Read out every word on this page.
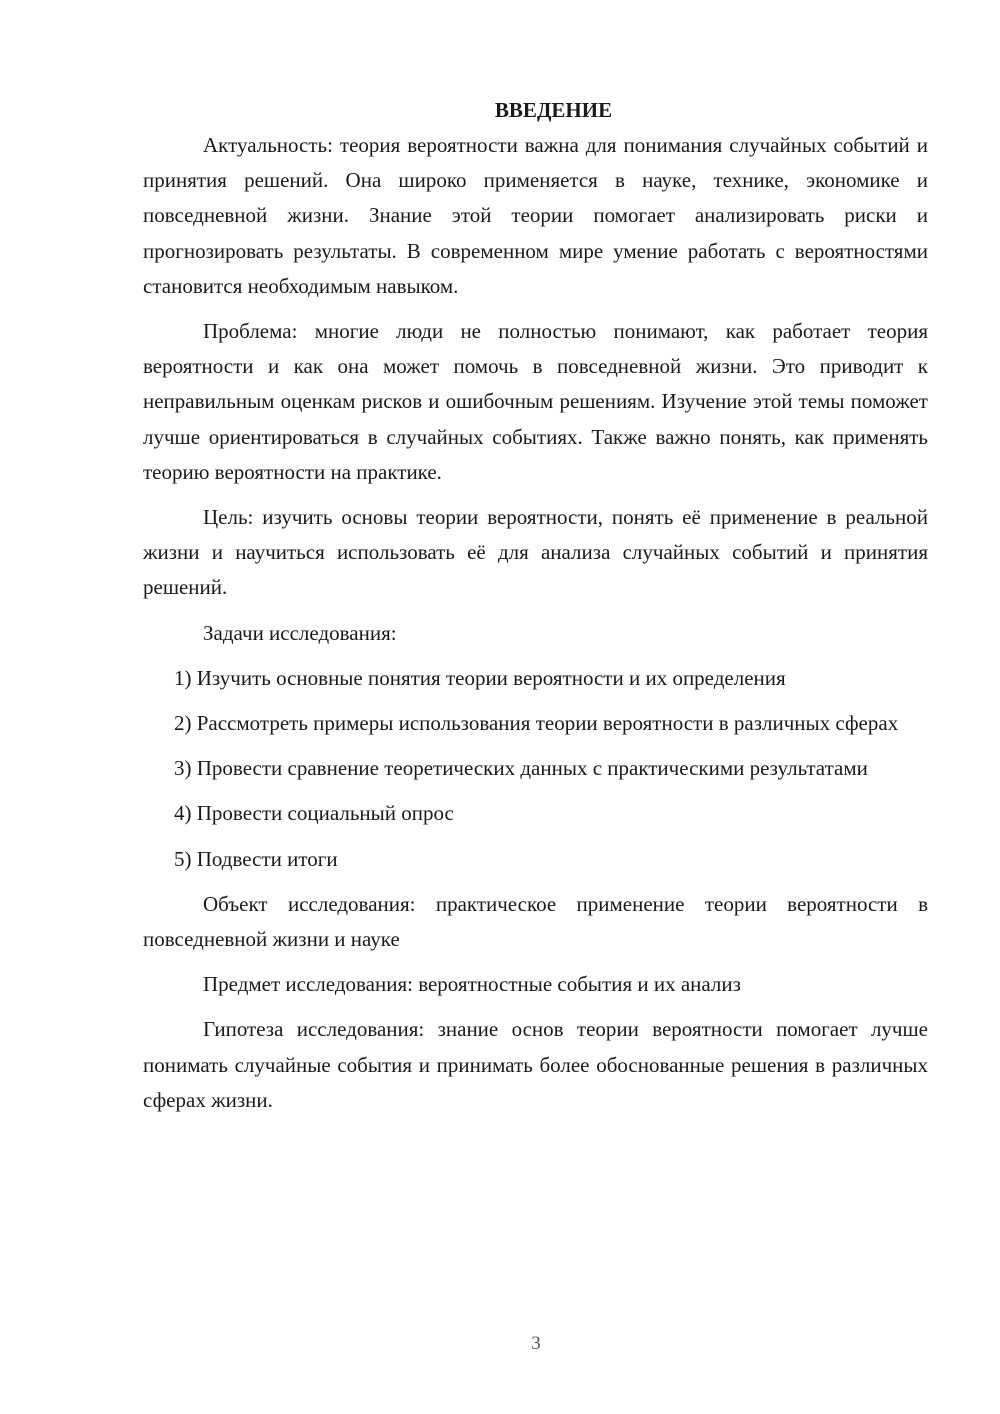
ВВЕДЕНИЕ

Актуальность: теория вероятности важна для понимания случайных событий и принятия решений. Она широко применяется в науке, технике, экономике и повседневной жизни. Знание этой теории помогает анализировать риски и прогнозировать результаты. В современном мире умение работать с вероятностями становится необходимым навыком.

Проблема: многие люди не полностью понимают, как работает теория вероятности и как она может помочь в повседневной жизни. Это приводит к неправильным оценкам рисков и ошибочным решениям. Изучение этой темы поможет лучше ориентироваться в случайных событиях. Также важно понять, как применять теорию вероятности на практике.

Цель: изучить основы теории вероятности, понять её применение в реальной жизни и научиться использовать её для анализа случайных событий и принятия решений.

Задачи исследования:

1) Изучить основные понятия теории вероятности и их определения

2) Рассмотреть примеры использования теории вероятности в различных сферах

3) Провести сравнение теоретических данных с практическими результатами

4) Провести социальный опрос

5) Подвести итоги

Объект исследования: практическое применение теории вероятности в повседневной жизни и науке

Предмет исследования: вероятностные события и их анализ

Гипотеза исследования: знание основ теории вероятности помогает лучше понимать случайные события и принимать более обоснованные решения в различных сферах жизни.

3
